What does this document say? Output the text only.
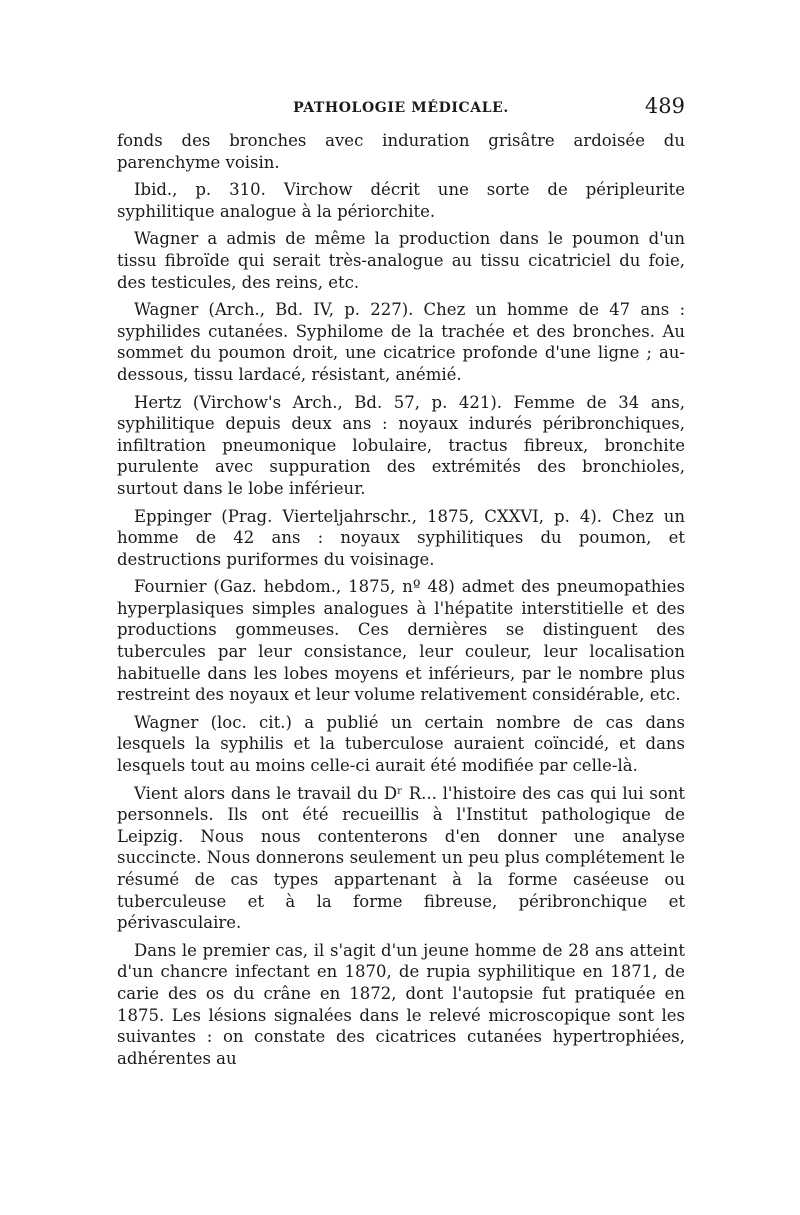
PATHOLOGIE MÉDICALE.	489

fonds des bronches avec induration grisâtre ardoisée du parenchyme voisin.

Ibid., p. 310. Virchow décrit une sorte de péripleurite syphilitique analogue à la périorchite.

Wagner a admis de même la production dans le poumon d'un tissu fibroïde qui serait très-analogue au tissu cicatriciel du foie, des testicules, des reins, etc.

Wagner (Arch., Bd. IV, p. 227). Chez un homme de 47 ans : syphilides cutanées. Syphilome de la trachée et des bronches. Au sommet du poumon droit, une cicatrice profonde d'une ligne ; au-dessous, tissu lardacé, résistant, anémié.

Hertz (Virchow's Arch., Bd. 57, p. 421). Femme de 34 ans, syphilitique depuis deux ans : noyaux indurés péribronchiques, infiltration pneumonique lobulaire, tractus fibreux, bronchite purulente avec suppuration des extrémités des bronchioles, surtout dans le lobe inférieur.

Eppinger (Prag. Vierteljahrschr., 1875, CXXVI, p. 4). Chez un homme de 42 ans : noyaux syphilitiques du poumon, et destructions puriformes du voisinage.

Fournier (Gaz. hebdom., 1875, nº 48) admet des pneumopathies hyperplasiques simples analogues à l'hépatite interstitielle et des productions gommeuses. Ces dernières se distinguent des tubercules par leur consistance, leur couleur, leur localisation habituelle dans les lobes moyens et inférieurs, par le nombre plus restreint des noyaux et leur volume relativement considérable, etc.

Wagner (loc. cit.) a publié un certain nombre de cas dans lesquels la syphilis et la tuberculose auraient coïncidé, et dans lesquels tout au moins celle-ci aurait été modifiée par celle-là.

Vient alors dans le travail du Dʳ R... l'histoire des cas qui lui sont personnels. Ils ont été recueillis à l'Institut pathologique de Leipzig. Nous nous contenterons d'en donner une analyse succincte. Nous donnerons seulement un peu plus complétement le résumé de cas types appartenant à la forme caséeuse ou tuberculeuse et à la forme fibreuse, péribronchique et périvasculaire.

Dans le premier cas, il s'agit d'un jeune homme de 28 ans atteint d'un chancre infectant en 1870, de rupia syphilitique en 1871, de carie des os du crâne en 1872, dont l'autopsie fut pratiquée en 1875. Les lésions signalées dans le relevé microscopique sont les suivantes : on constate des cicatrices cutanées hypertrophiées, adhérentes au
